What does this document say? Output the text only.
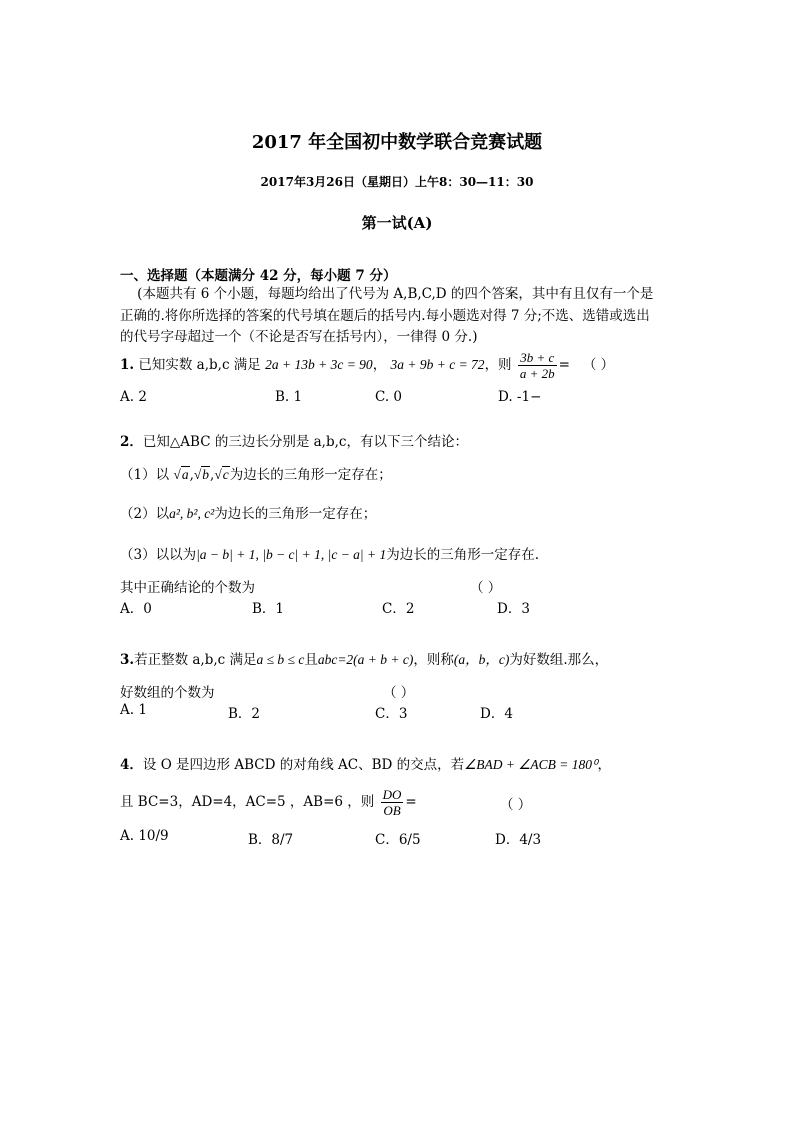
2017 年全国初中数学联合竞赛试题
2017年3月26日（星期日）上午8：30—11：30
第一试(A)
一、选择题（本题满分 42 分，每小题 7 分）
(本题共有 6 个小题，每题均给出了代号为 A,B,C,D 的四个答案，其中有且仅有一个是正确的.将你所选择的答案的代号填在题后的括号内.每小题选对得 7 分;不选、选错或选出的代号字母超过一个（不论是否写在括号内），一律得 0 分.)
1. 已知实数 a,b,c 满足 2a + 13b + 3c = 90， 3a + 9b + c = 72，则 $\frac{3b + c}{a + 2b}$ = （ ）
A. 2	B. 1	C. 0	D. -1−
2．已知△ABC 的三边长分别是 a,b,c，有以下三个结论：
（1）以 √a,√b,√c为边长的三角形一定存在；
（2）以a², b², c²为边长的三角形一定存在；
（3）以以为|a − b| + 1, |b − c| + 1, |c − a| + 1为边长的三角形一定存在.
其中正确结论的个数为	（ ）
A．0	B．1	C．2	D．3
3.若正整数 a,b,c 满足a ≤ b ≤ c且abc=2(a + b + c)，则称(a，b，c)为好数组.那么，
好数组的个数为	（ ）
A. 1	B．2	C．3	D．4
4．设 O 是四边形 ABCD 的对角线 AC、BD 的交点，若∠BAD + ∠ACB = 180⁰，
且 BC=3，AD=4，AC=5 ，AB=6 ，则 $\frac{DO}{OB}$ =	（ ）
A. 10/9	B．8/7	C．6/5	D．4/3
